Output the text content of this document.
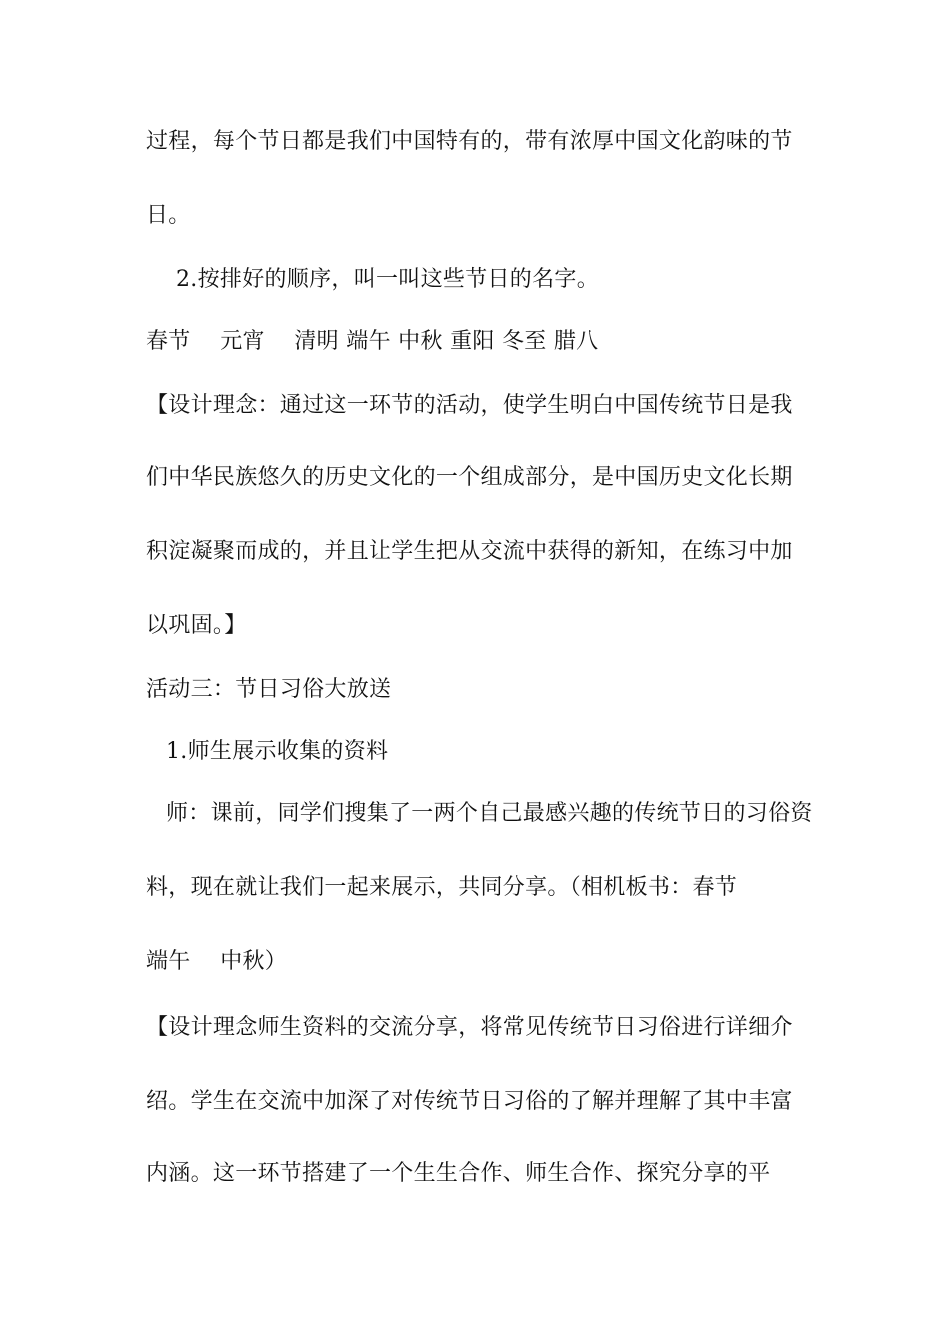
过程，每个节日都是我们中国特有的，带有浓厚中国文化韵味的节
日。
2.按排好的顺序，叫一叫这些节日的名字。
春节　 元宵　 清明 端午 中秋 重阳 冬至 腊八
【设计理念：通过这一环节的活动，使学生明白中国传统节日是我
们中华民族悠久的历史文化的一个组成部分，是中国历史文化长期
积淀凝聚而成的，并且让学生把从交流中获得的新知，在练习中加
以巩固。】
活动三：节日习俗大放送
1.师生展示收集的资料
师：课前，同学们搜集了一两个自己最感兴趣的传统节日的习俗资
料，现在就让我们一起来展示，共同分享。（相机板书：春节
端午　 中秋）
【设计理念师生资料的交流分享，将常见传统节日习俗进行详细介
绍。学生在交流中加深了对传统节日习俗的了解并理解了其中丰富
内涵。这一环节搭建了一个生生合作、师生合作、探究分享的平
